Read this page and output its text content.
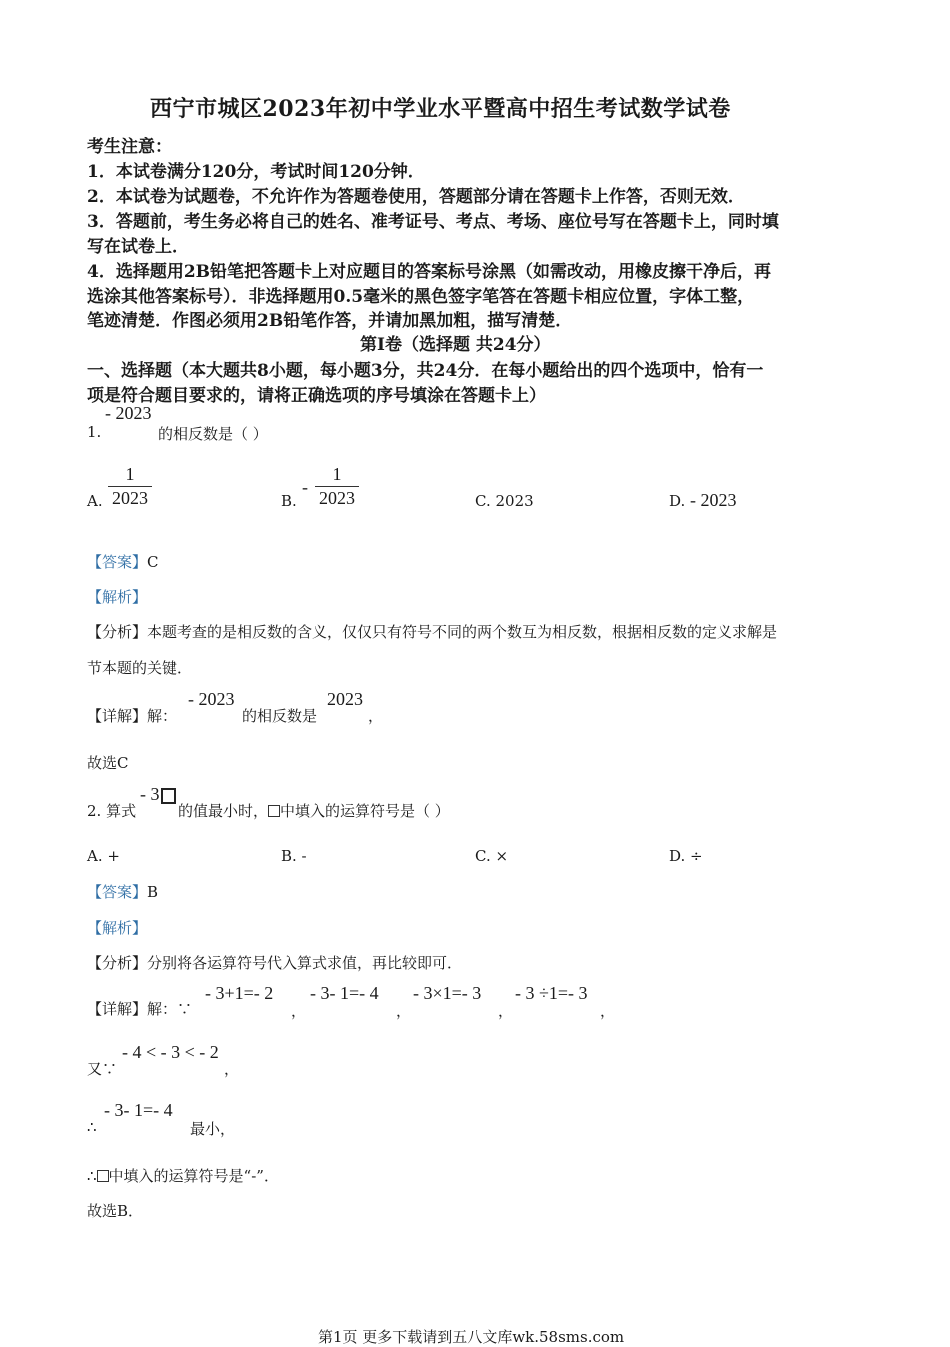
西宁市城区2023年初中学业水平暨高中招生考试数学试卷
考生注意：
1．本试卷满分120分，考试时间120分钟．
2．本试卷为试题卷，不允许作为答题卷使用，答题部分请在答题卡上作答，否则无效．
3．答题前，考生务必将自己的姓名、准考证号、考点、考场、座位号写在答题卡上，同时填
写在试卷上．
4．选择题用2B铅笔把答题卡上对应题目的答案标号涂黑（如需改动，用橡皮擦干净后，再
选涂其他答案标号）．非选择题用0.5毫米的黑色签字笔答在答题卡相应位置，字体工整，
笔迹清楚．作图必须用2B铅笔作答，并请加黑加粗，描写清楚．
第Ⅰ卷（选择题 共24分）
一、选择题（本大题共8小题，每小题3分，共24分．在每小题给出的四个选项中，恰有一
项是符合题目要求的，请将正确选项的序号填涂在答题卡上）
1.
- 2023
的相反数是（ ）
A.
1
2023	B.
-
1
2023	C. 2023	D. - 2023
【答案】C
【解析】
【分析】本题考查的是相反数的含义，仅仅只有符号不同的两个数互为相反数，根据相反数的定义求解是
节本题的关键．
【详解】解：
- 2023
的相反数是
2023
，
故选C
2. 算式
- 3
的值最小时， 中填入的运算符号是（ ）
A. +	B. -	C. ×	D. ÷
【答案】B
【解析】
【分析】分别将各运算符号代入算式求值，再比较即可．
【详解】解：∵
- 3+1=- 2
，
- 3- 1=- 4
，
- 3×1=- 3
，
- 3 ÷1=- 3
，
又∵
- 4 < - 3 < - 2
，
∴
- 3- 1=- 4
最小，
∴ 中填入的运算符号是“-”．
故选B．
第1页 更多下载请到五八文库wk.58sms.com
